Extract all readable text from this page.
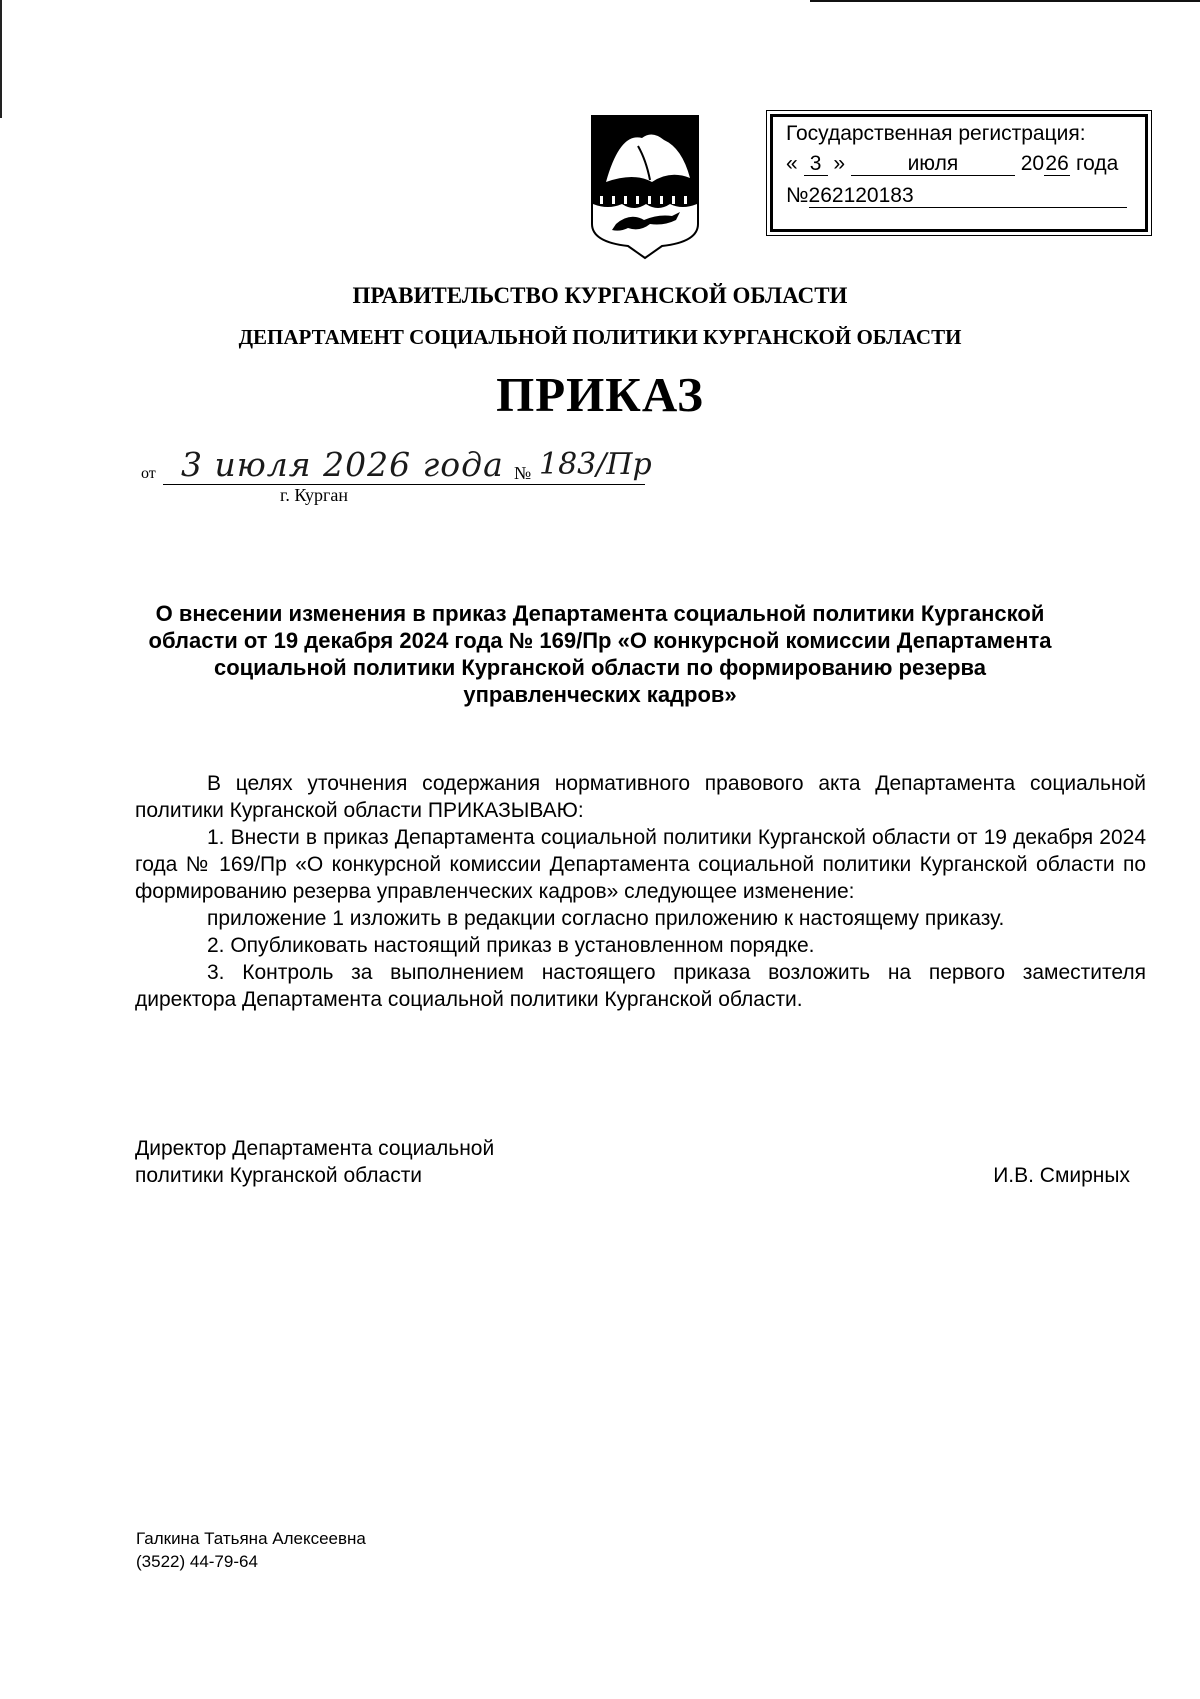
Государственная регистрация:
« 3 »	июля	2026 года
№262120183
ПРАВИТЕЛЬСТВО КУРГАНСКОЙ ОБЛАСТИ
ДЕПАРТАМЕНТ СОЦИАЛЬНОЙ ПОЛИТИКИ КУРГАНСКОЙ ОБЛАСТИ
ПРИКАЗ
от 3 июля 2026 года № 183/Пр
г. Курган
О внесении изменения в приказ Департамента социальной политики Курганской области от 19 декабря 2024 года № 169/Пр «О конкурсной комиссии Департамента социальной политики Курганской области по формированию резерва управленческих кадров»

В целях уточнения содержания нормативного правового акта Департамента социальной политики Курганской области ПРИКАЗЫВАЮ:

1. Внести в приказ Департамента социальной политики Курганской области от 19 декабря 2024 года № 169/Пр «О конкурсной комиссии Департамента социальной политики Курганской области по формированию резерва управленческих кадров» следующее изменение:

приложение 1 изложить в редакции согласно приложению к настоящему приказу.

2. Опубликовать настоящий приказ в установленном порядке.

3. Контроль за выполнением настоящего приказа возложить на первого заместителя директора Департамента социальной политики Курганской области.

Директор Департамента социальной
политики Курганской области	И.В. Смирных
Галкина Татьяна Алексеевна
(3522) 44-79-64
